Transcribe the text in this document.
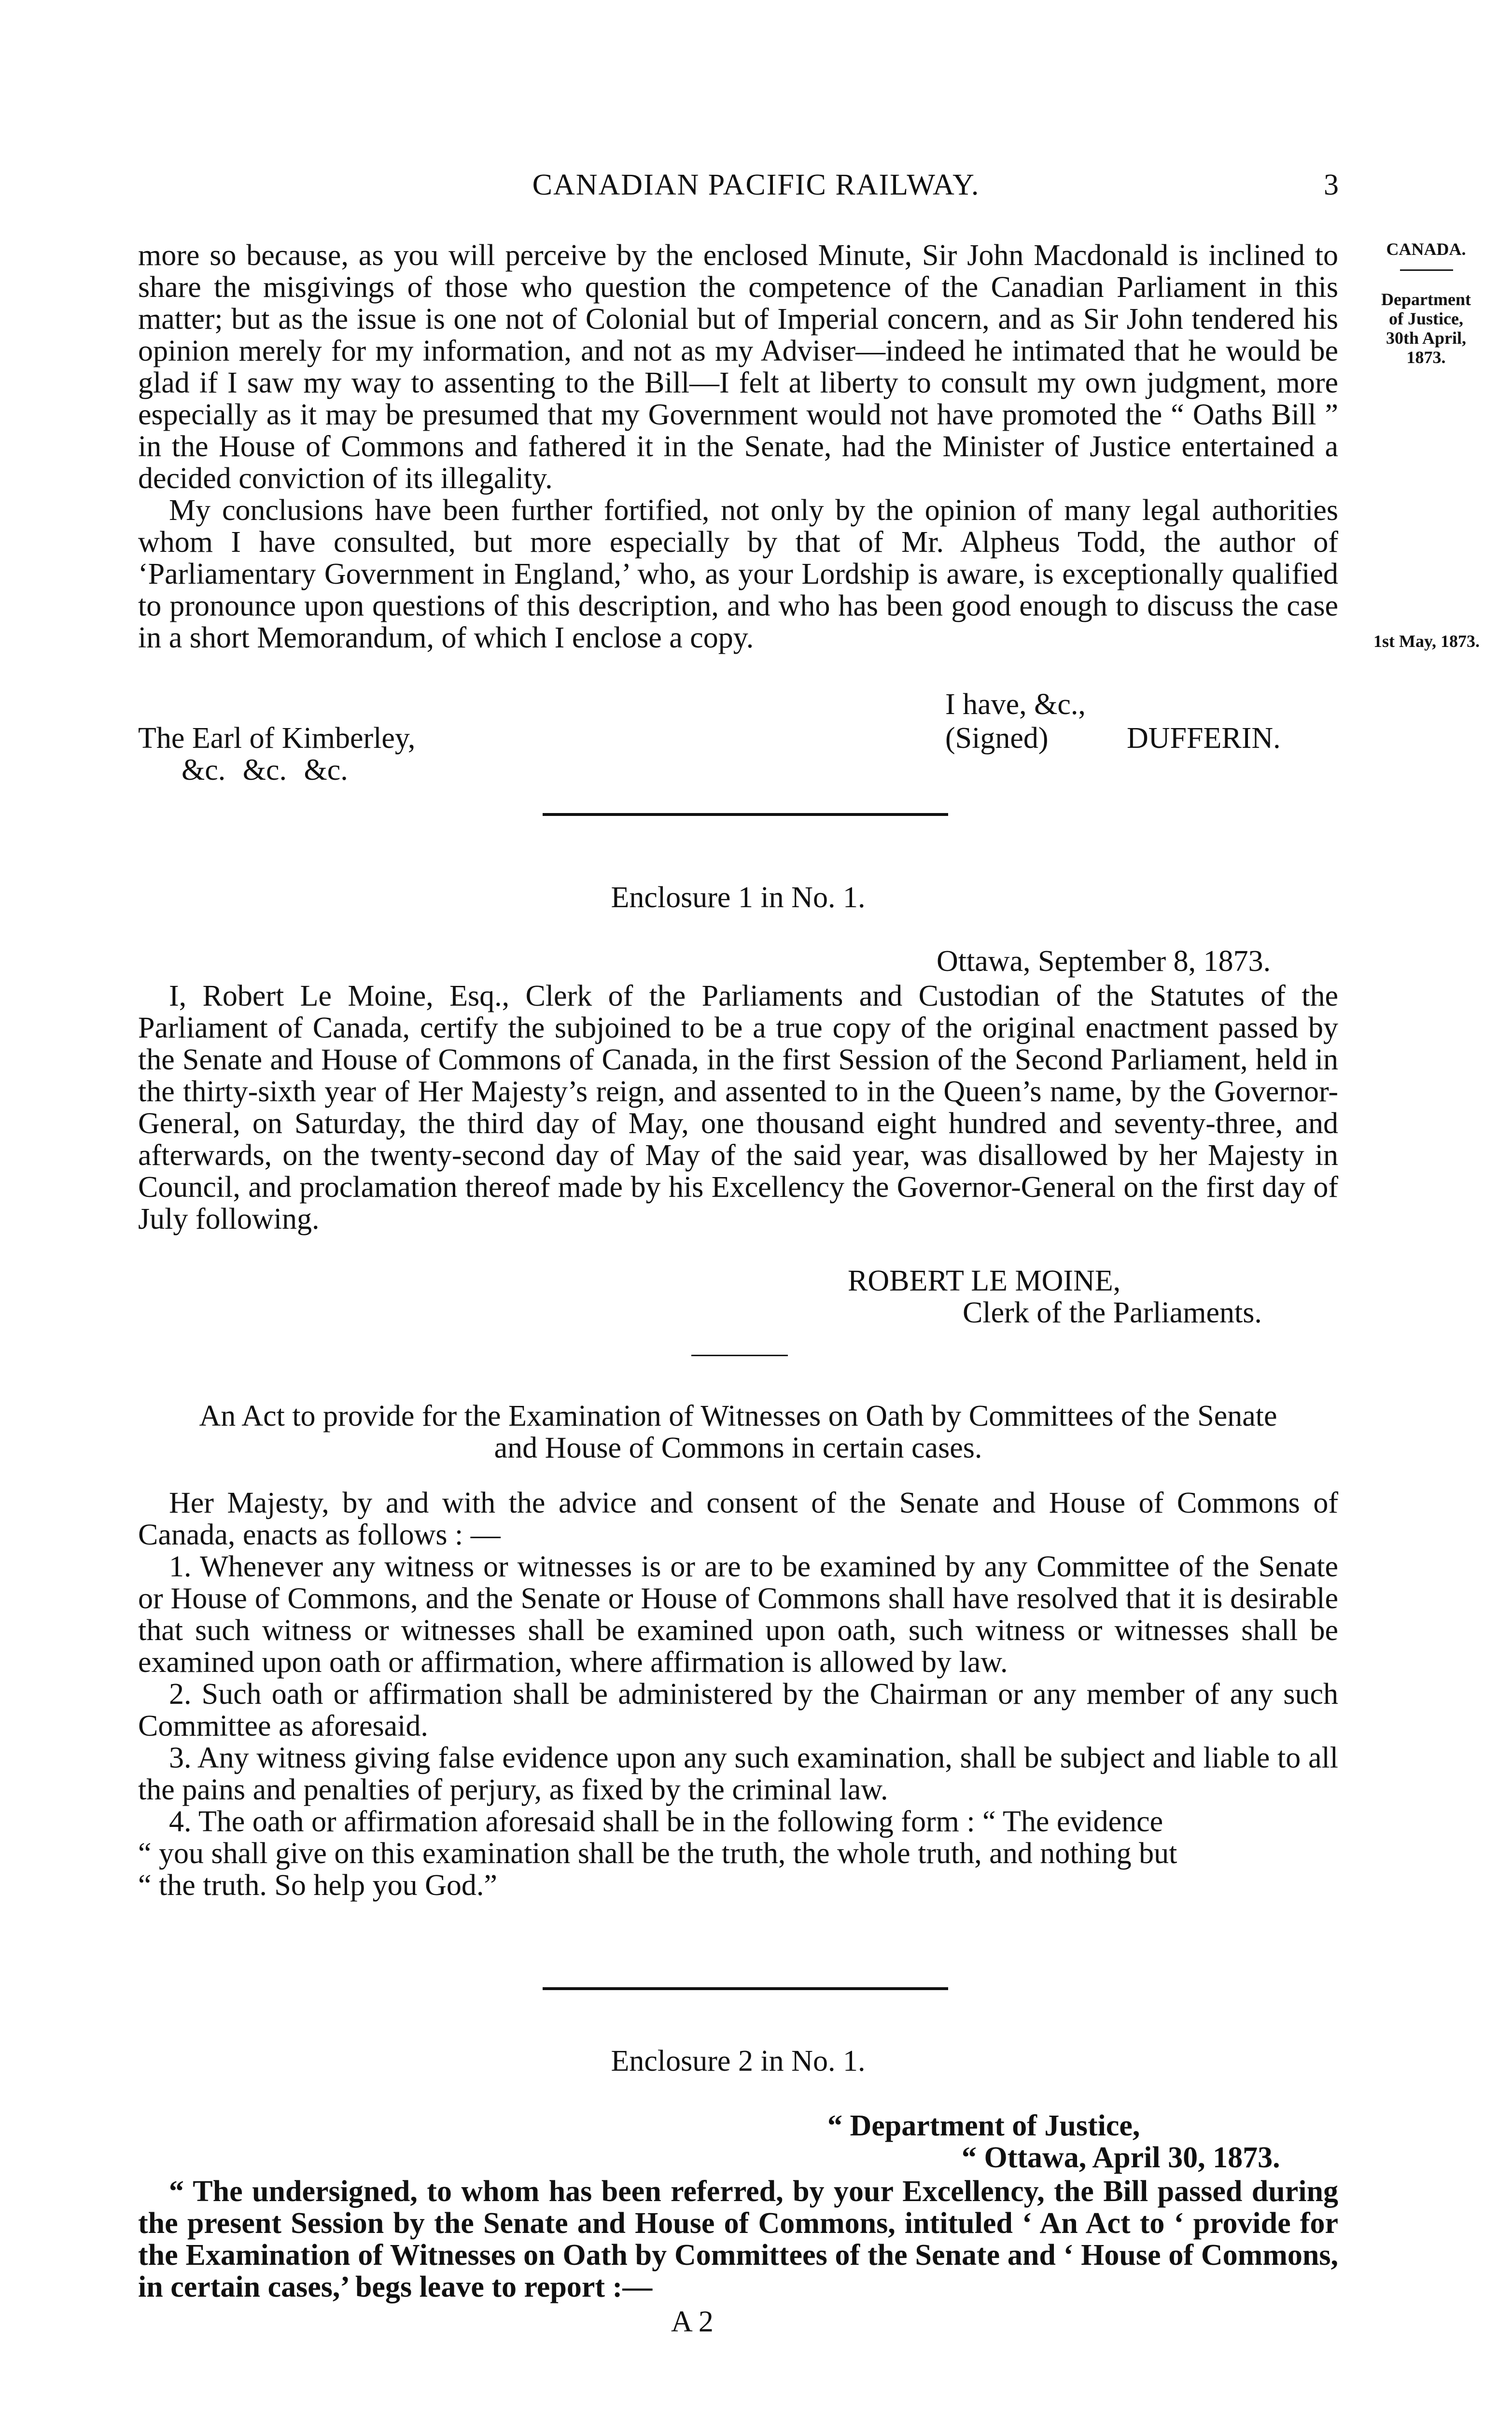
CANADIAN PACIFIC RAILWAY.	3
CANADA.
Department
of Justice,
30th April,
1873.
1st May, 1873.

more so because, as you will perceive by the enclosed Minute, Sir John Macdonald is inclined to share the misgivings of those who question the competence of the Canadian Parliament in this matter; but as the issue is one not of Colonial but of Imperial concern, and as Sir John tendered his opinion merely for my information, and not as my Adviser—indeed he intimated that he would be glad if I saw my way to assenting to the Bill—I felt at liberty to consult my own judgment, more especially as it may be presumed that my Government would not have promoted the “ Oaths Bill ” in the House of Commons and fathered it in the Senate, had the Minister of Justice entertained a decided conviction of its illegality.

My conclusions have been further fortified, not only by the opinion of many legal authorities whom I have consulted, but more especially by that of Mr. Alpheus Todd, the author of ‘Parliamentary Government in England,’ who, as your Lordship is aware, is exceptionally qualified to pronounce upon questions of this description, and who has been good enough to discuss the case in a short Memorandum, of which I enclose a copy.

I have, &c.,
The Earl of Kimberley,	(Signed)	DUFFERIN.
&c. &c. &c.
Enclosure 1 in No. 1.
Ottawa, September 8, 1873.

I, Robert Le Moine, Esq., Clerk of the Parliaments and Custodian of the Statutes of the Parliament of Canada, certify the subjoined to be a true copy of the original enactment passed by the Senate and House of Commons of Canada, in the first Session of the Second Parliament, held in the thirty-sixth year of Her Majesty’s reign, and assented to in the Queen’s name, by the Governor-General, on Saturday, the third day of May, one thousand eight hundred and seventy-three, and afterwards, on the twenty-second day of May of the said year, was disallowed by her Majesty in Council, and proclamation thereof made by his Excellency the Governor-General on the first day of July following.

ROBERT LE MOINE,
Clerk of the Parliaments.
An Act to provide for the Examination of Witnesses on Oath by Committees of the Senate
and House of Commons in certain cases.

Her Majesty, by and with the advice and consent of the Senate and House of Commons of Canada, enacts as follows : —

1. Whenever any witness or witnesses is or are to be examined by any Committee of the Senate or House of Commons, and the Senate or House of Commons shall have resolved that it is desirable that such witness or witnesses shall be examined upon oath, such witness or witnesses shall be examined upon oath or affirmation, where affirmation is allowed by law.

2. Such oath or affirmation shall be administered by the Chairman or any member of any such Committee as aforesaid.

3. Any witness giving false evidence upon any such examination, shall be subject and liable to all the pains and penalties of perjury, as fixed by the criminal law.

4. The oath or affirmation aforesaid shall be in the following form : “ The evidence

“ you shall give on this examination shall be the truth, the whole truth, and nothing but

“ the truth. So help you God.”

Enclosure 2 in No. 1.
“ Department of Justice,
“ Ottawa, April 30, 1873.

“ The undersigned, to whom has been referred, by your Excellency, the Bill passed during the present Session by the Senate and House of Commons, intituled ‘ An Act to ‘ provide for the Examination of Witnesses on Oath by Committees of the Senate and ‘ House of Commons, in certain cases,’ begs leave to report :—

A 2
